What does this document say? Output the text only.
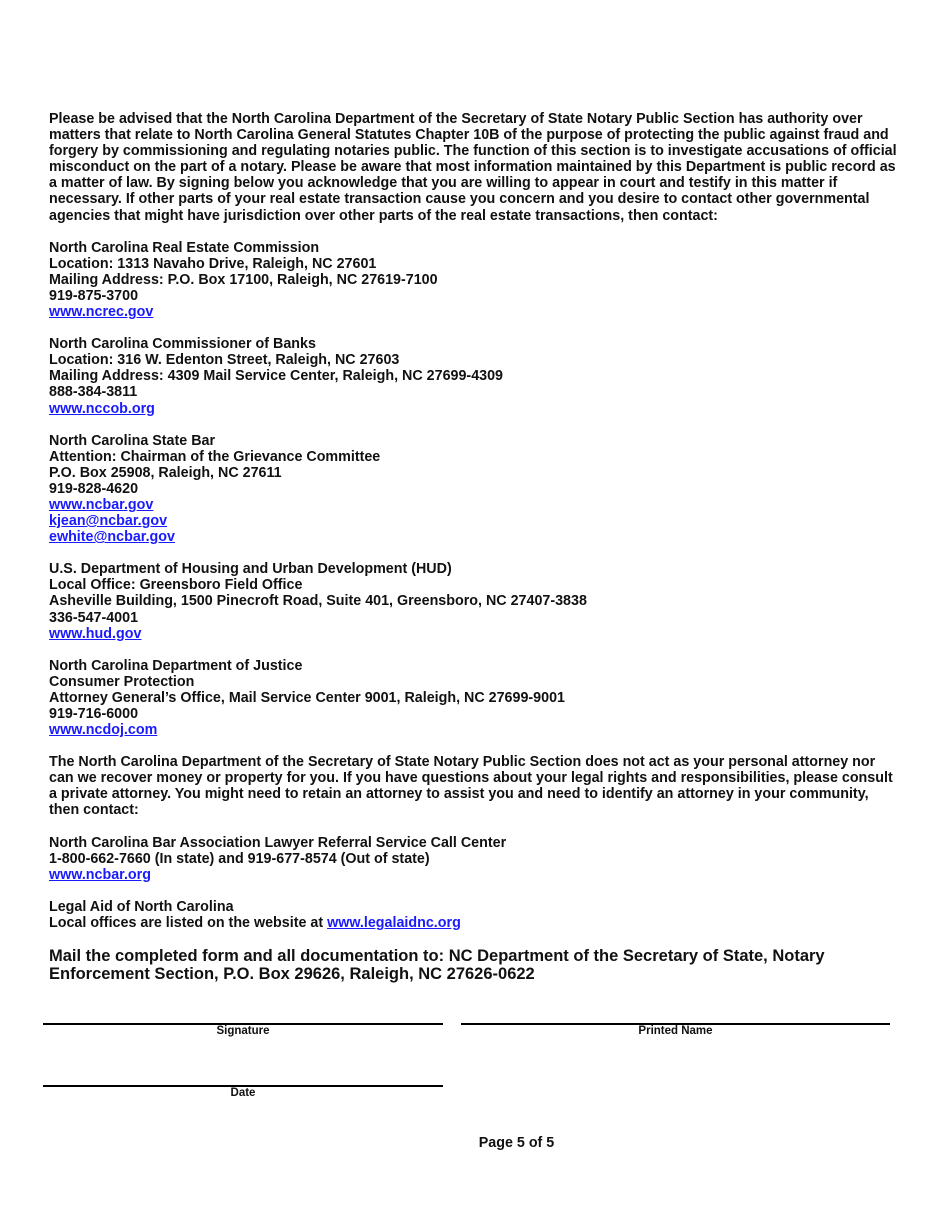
Please be advised that the North Carolina Department of the Secretary of State Notary Public Section has authority over matters that relate to North Carolina General Statutes Chapter 10B of the purpose of protecting the public against fraud and forgery by commissioning and regulating notaries public. The function of this section is to investigate accusations of official misconduct on the part of a notary. Please be aware that most information maintained by this Department is public record as a matter of law. By signing below you acknowledge that you are willing to appear in court and testify in this matter if necessary. If other parts of your real estate transaction cause you concern and you desire to contact other governmental agencies that might have jurisdiction over other parts of the real estate transactions, then contact:

North Carolina Real Estate Commission
Location: 1313 Navaho Drive, Raleigh, NC 27601
Mailing Address: P.O. Box 17100, Raleigh, NC 27619-7100
919-875-3700
www.ncrec.gov
North Carolina Commissioner of Banks
Location: 316 W. Edenton Street, Raleigh, NC 27603
Mailing Address: 4309 Mail Service Center, Raleigh, NC 27699-4309
888-384-3811
www.nccob.org
North Carolina State Bar
Attention: Chairman of the Grievance Committee
P.O. Box 25908, Raleigh, NC 27611
919-828-4620
www.ncbar.gov
kjean@ncbar.gov
ewhite@ncbar.gov
U.S. Department of Housing and Urban Development (HUD)
Local Office: Greensboro Field Office
Asheville Building, 1500 Pinecroft Road, Suite 401, Greensboro, NC 27407-3838
336-547-4001
www.hud.gov
North Carolina Department of Justice
Consumer Protection
Attorney General’s Office, Mail Service Center 9001, Raleigh, NC 27699-9001
919-716-6000
www.ncdoj.com

The North Carolina Department of the Secretary of State Notary Public Section does not act as your personal attorney nor can we recover money or property for you. If you have questions about your legal rights and responsibilities, please consult a private attorney. You might need to retain an attorney to assist you and need to identify an attorney in your community, then contact:

North Carolina Bar Association Lawyer Referral Service Call Center
1-800-662-7660 (In state) and 919-677-8574 (Out of state)
www.ncbar.org
Legal Aid of North Carolina
Local offices are listed on the website at www.legalaidnc.org

Mail the completed form and all documentation to: NC Department of the Secretary of State, Notary Enforcement Section, P.O. Box 29626, Raleigh, NC 27626-0622

Signature	Printed Name
Date
Page 5 of 5
